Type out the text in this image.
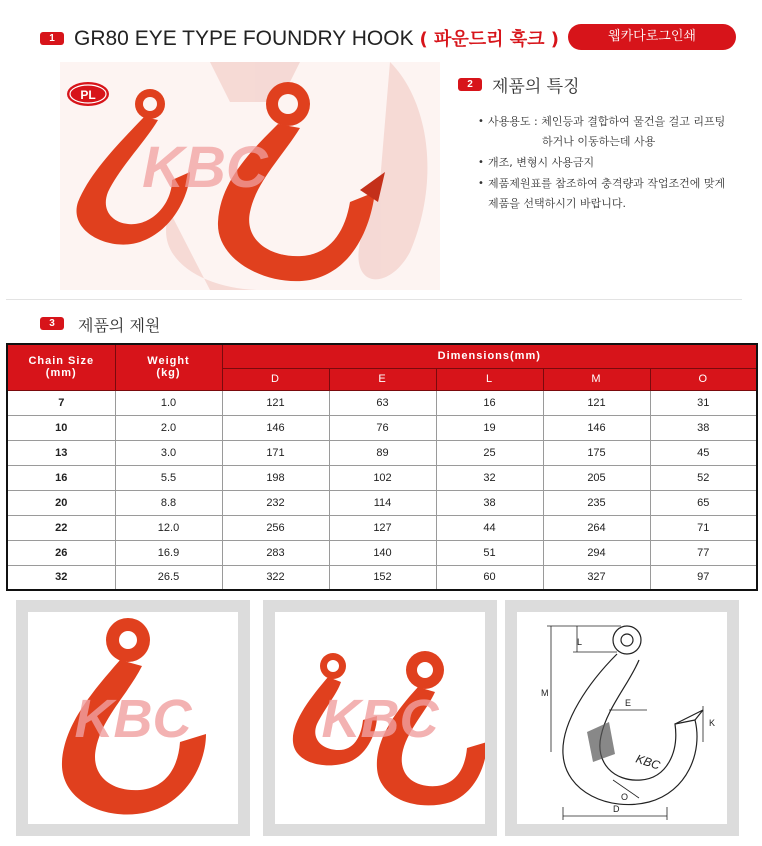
1 GR80 EYE TYPE FOUNDRY HOOK ( 파운드리 훅크 )	웹카다로그인쇄
PL
KBC
2	제품의 특징
• 사용용도 : 체인등과 결합하여 물건을 걸고 리프팅
하거나 이동하는데 사용
• 개조, 변형시 사용금지
• 제품제원표를 참조하여 충격량과 작업조건에 맞게
제품을 선택하시기 바랍니다.
3	제품의 제원
Chain Size
(mm)	Weight
(kg)	Dimensions(mm)				
		D	E	L	M	O
7	1.0	121	63	16	121	31
10	2.0	146	76	19	146	38
13	3.0	171	89	25	175	45
16	5.5	198	102	32	205	52
20	8.8	232	114	38	235	65
22	12.0	256	127	44	264	71
26	16.9	283	140	51	294	77
32	26.5	322	152	60	327	97
KBC KBC
KBC
L
M
E
K
O
D
